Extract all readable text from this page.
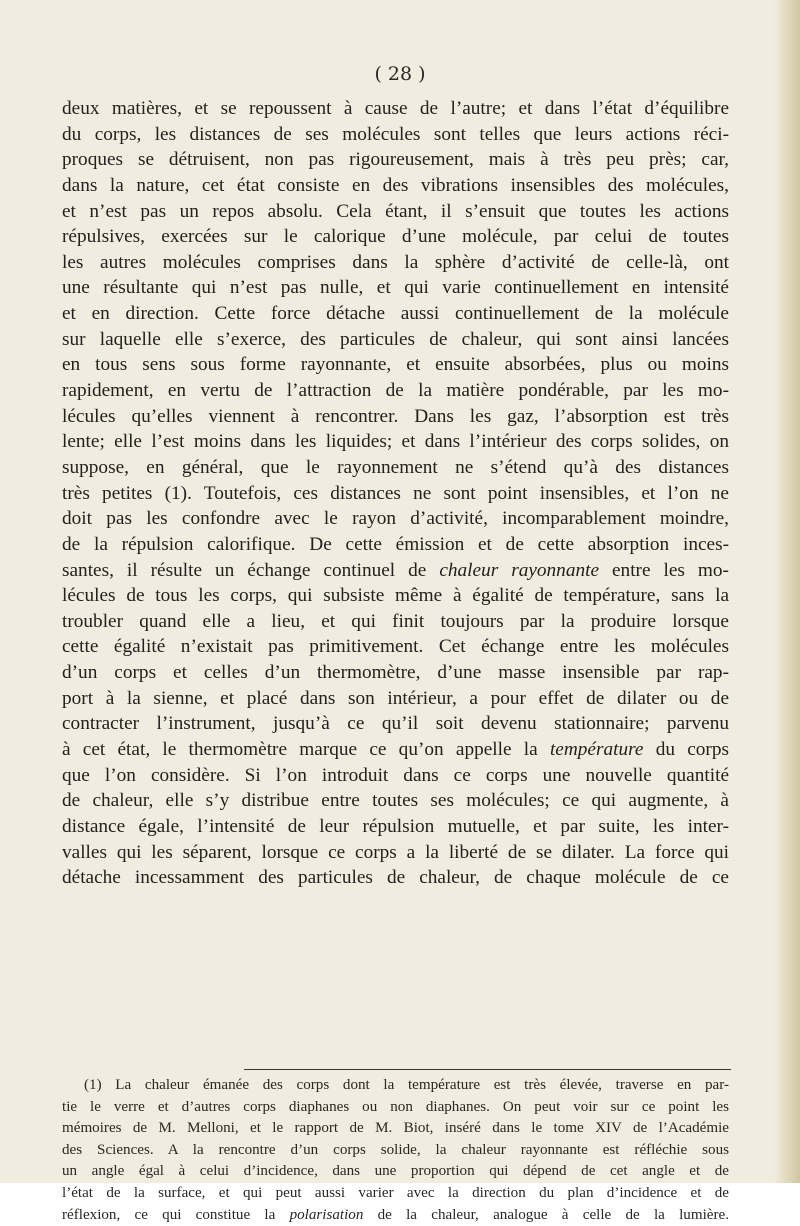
( 28 )
deux matières, et se repoussent à cause de l’autre; et dans l’état d’équilibre
du corps, les distances de ses molécules sont telles que leurs actions réci-
proques se détruisent, non pas rigoureusement, mais à très peu près; car,
dans la nature, cet état consiste en des vibrations insensibles des molécules,
et n’est pas un repos absolu. Cela étant, il s’ensuit que toutes les actions
répulsives, exercées sur le calorique d’une molécule, par celui de toutes
les autres molécules comprises dans la sphère d’activité de celle-là, ont
une résultante qui n’est pas nulle, et qui varie continuellement en intensité
et en direction. Cette force détache aussi continuellement de la molécule
sur laquelle elle s’exerce, des particules de chaleur, qui sont ainsi lancées
en tous sens sous forme rayonnante, et ensuite absorbées, plus ou moins
rapidement, en vertu de l’attraction de la matière pondérable, par les mo-
lécules qu’elles viennent à rencontrer. Dans les gaz, l’absorption est très
lente; elle l’est moins dans les liquides; et dans l’intérieur des corps solides, on
suppose, en général, que le rayonnement ne s’étend qu’à des distances
très petites (1). Toutefois, ces distances ne sont point insensibles, et l’on ne
doit pas les confondre avec le rayon d’activité, incomparablement moindre,
de la répulsion calorifique. De cette émission et de cette absorption inces-
santes, il résulte un échange continuel de chaleur rayonnante entre les mo-
lécules de tous les corps, qui subsiste même à égalité de température, sans la
troubler quand elle a lieu, et qui finit toujours par la produire lorsque
cette égalité n’existait pas primitivement. Cet échange entre les molécules
d’un corps et celles d’un thermomètre, d’une masse insensible par rap-
port à la sienne, et placé dans son intérieur, a pour effet de dilater ou de
contracter l’instrument, jusqu’à ce qu’il soit devenu stationnaire; parvenu
à cet état, le thermomètre marque ce qu’on appelle la température du corps
que l’on considère. Si l’on introduit dans ce corps une nouvelle quantité
de chaleur, elle s’y distribue entre toutes ses molécules; ce qui augmente, à
distance égale, l’intensité de leur répulsion mutuelle, et par suite, les inter-
valles qui les séparent, lorsque ce corps a la liberté de se dilater. La force qui
détache incessamment des particules de chaleur, de chaque molécule de ce
(1) La chaleur émanée des corps dont la température est très élevée, traverse en par-
tie le verre et d’autres corps diaphanes ou non diaphanes. On peut voir sur ce point les
mémoires de M. Melloni, et le rapport de M. Biot, inséré dans le tome XIV de l’Académie
des Sciences. A la rencontre d’un corps solide, la chaleur rayonnante est réfléchie sous
un angle égal à celui d’incidence, dans une proportion qui dépend de cet angle et de
l’état de la surface, et qui peut aussi varier avec la direction du plan d’incidence et de
réflexion, ce qui constitue la polarisation de la chaleur, analogue à celle de la lumière.
